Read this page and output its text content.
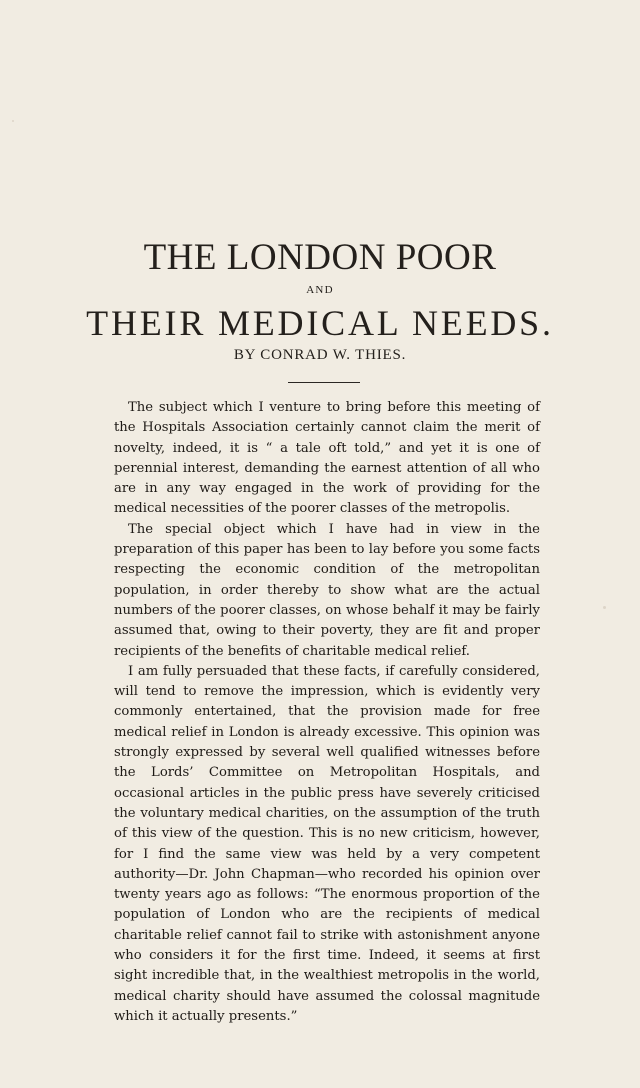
THE LONDON POOR
AND
THEIR MEDICAL NEEDS.
BY CONRAD W. THIES.

The subject which I venture to bring before this meeting of the Hospitals Association certainly cannot claim the merit of novelty, indeed, it is “ a tale oft told,” and yet it is one of perennial interest, demanding the earnest attention of all who are in any way engaged in the work of providing for the medical necessities of the poorer classes of the metropolis.

The special object which I have had in view in the preparation of this paper has been to lay before you some facts respecting the economic condition of the metropolitan population, in order thereby to show what are the actual numbers of the poorer classes, on whose behalf it may be fairly assumed that, owing to their poverty, they are fit and proper recipients of the benefits of charitable medical relief.

I am fully persuaded that these facts, if carefully considered, will tend to remove the impression, which is evidently very commonly entertained, that the provision made for free medical relief in London is already excessive. This opinion was strongly expressed by several well qualified witnesses before the Lords’ Committee on Metropolitan Hospitals, and occasional articles in the public press have severely criticised the voluntary medical charities, on the assumption of the truth of this view of the question. This is no new criticism, however, for I find the same view was held by a very competent authority—Dr. John Chapman—who recorded his opinion over twenty years ago as follows: “The enormous proportion of the population of London who are the recipients of medical charitable relief cannot fail to strike with astonishment anyone who considers it for the first time. Indeed, it seems at first sight incredible that, in the wealthiest metropolis in the world, medical charity should have assumed the colossal magnitude which it actually presents.”
